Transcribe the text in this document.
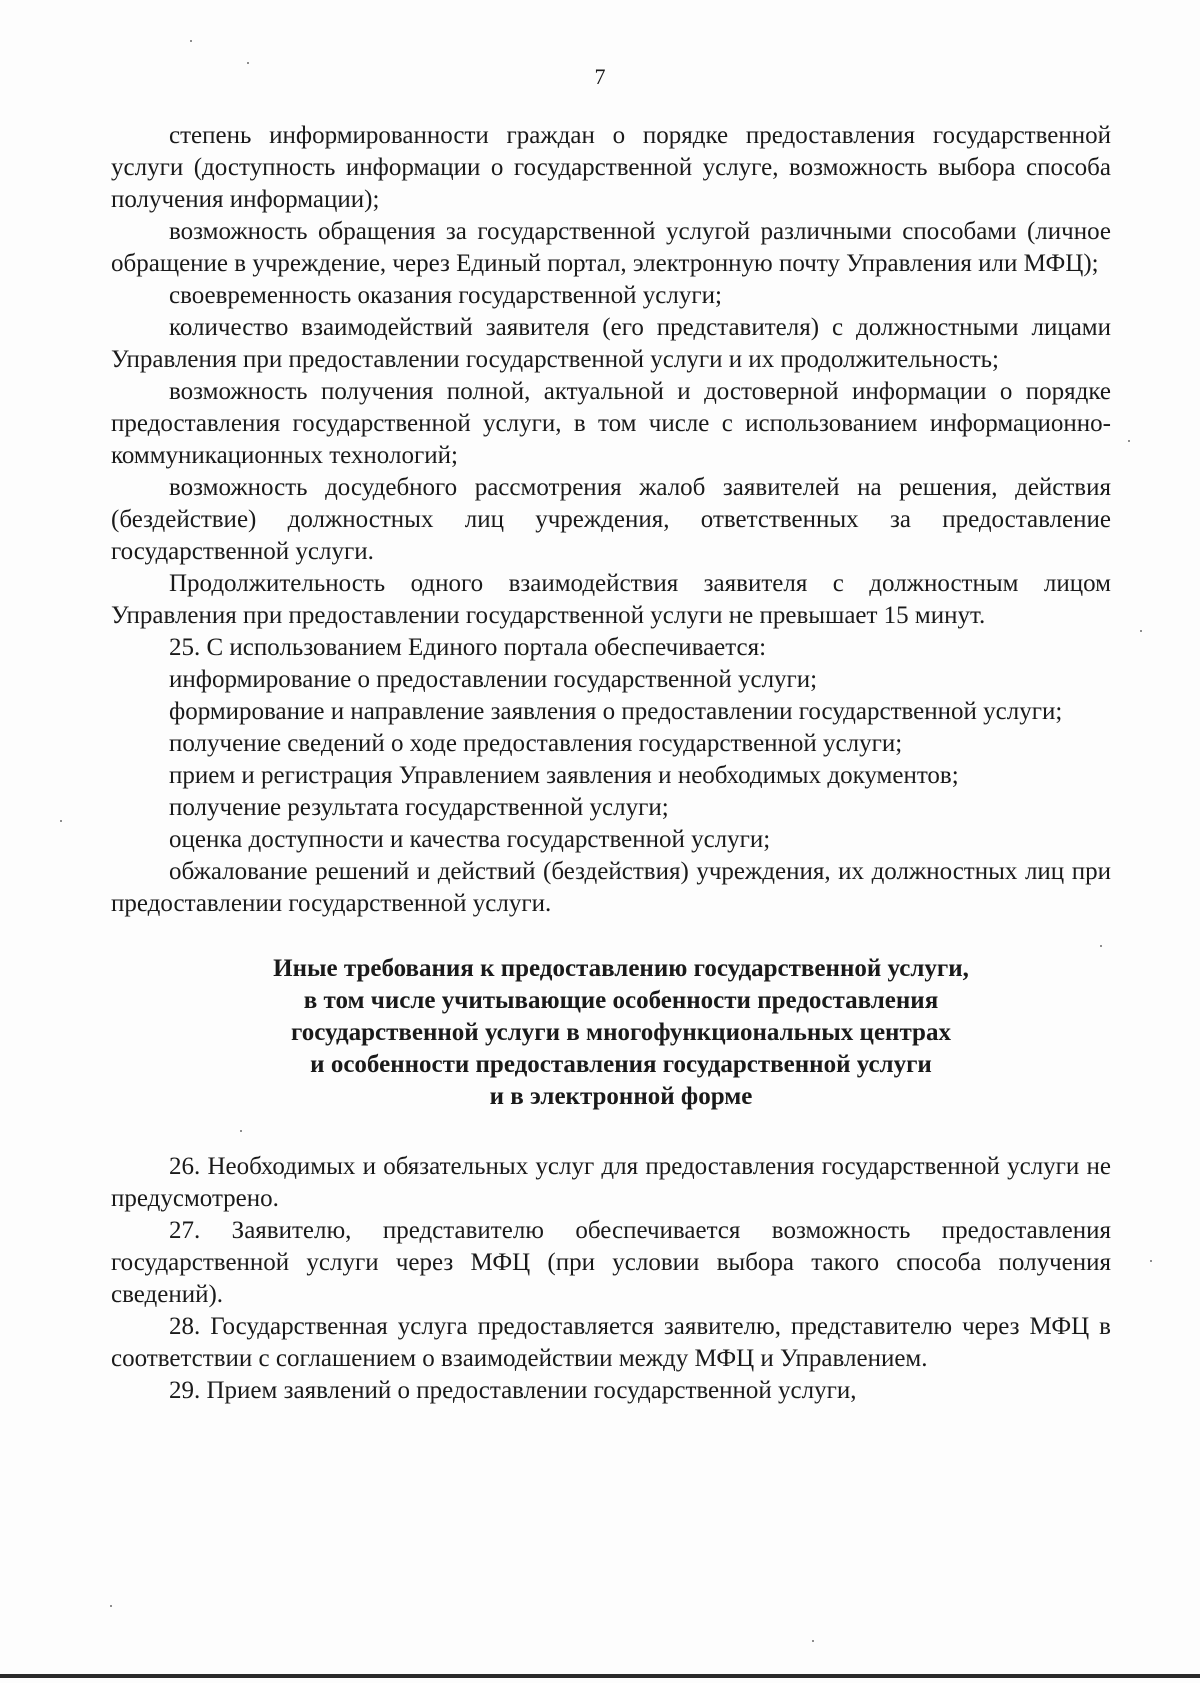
7

степень информированности граждан о порядке предоставления государственной услуги (доступность информации о государственной услуге, возможность выбора способа получения информации);

возможность обращения за государственной услугой различными способами (личное обращение в учреждение, через Единый портал, электронную почту Управления или МФЦ);

своевременность оказания государственной услуги;

количество взаимодействий заявителя (его представителя) с должностными лицами Управления при предоставлении государственной услуги и их продолжительность;

возможность получения полной, актуальной и достоверной информации о порядке предоставления государственной услуги, в том числе с использованием информационно-коммуникационных технологий;

возможность досудебного рассмотрения жалоб заявителей на решения, действия (бездействие) должностных лиц учреждения, ответственных за предоставление государственной услуги.

Продолжительность одного взаимодействия заявителя с должностным лицом Управления при предоставлении государственной услуги не превышает 15 минут.

25. С использованием Единого портала обеспечивается:

информирование о предоставлении государственной услуги;

формирование и направление заявления о предоставлении государственной услуги;

получение сведений о ходе предоставления государственной услуги;

прием и регистрация Управлением заявления и необходимых документов;

получение результата государственной услуги;

оценка доступности и качества государственной услуги;

обжалование решений и действий (бездействия) учреждения, их должностных лиц при предоставлении государственной услуги.

Иные требования к предоставлению государственной услуги,
в том числе учитывающие особенности предоставления
государственной услуги в многофункциональных центрах
и особенности предоставления государственной услуги
и в электронной форме

26. Необходимых и обязательных услуг для предоставления государственной услуги не предусмотрено.

27. Заявителю, представителю обеспечивается возможность предоставления государственной услуги через МФЦ (при условии выбора такого способа получения сведений).

28. Государственная услуга предоставляется заявителю, представителю через МФЦ в соответствии с соглашением о взаимодействии между МФЦ и Управлением.

29. Прием заявлений о предоставлении государственной услуги,
